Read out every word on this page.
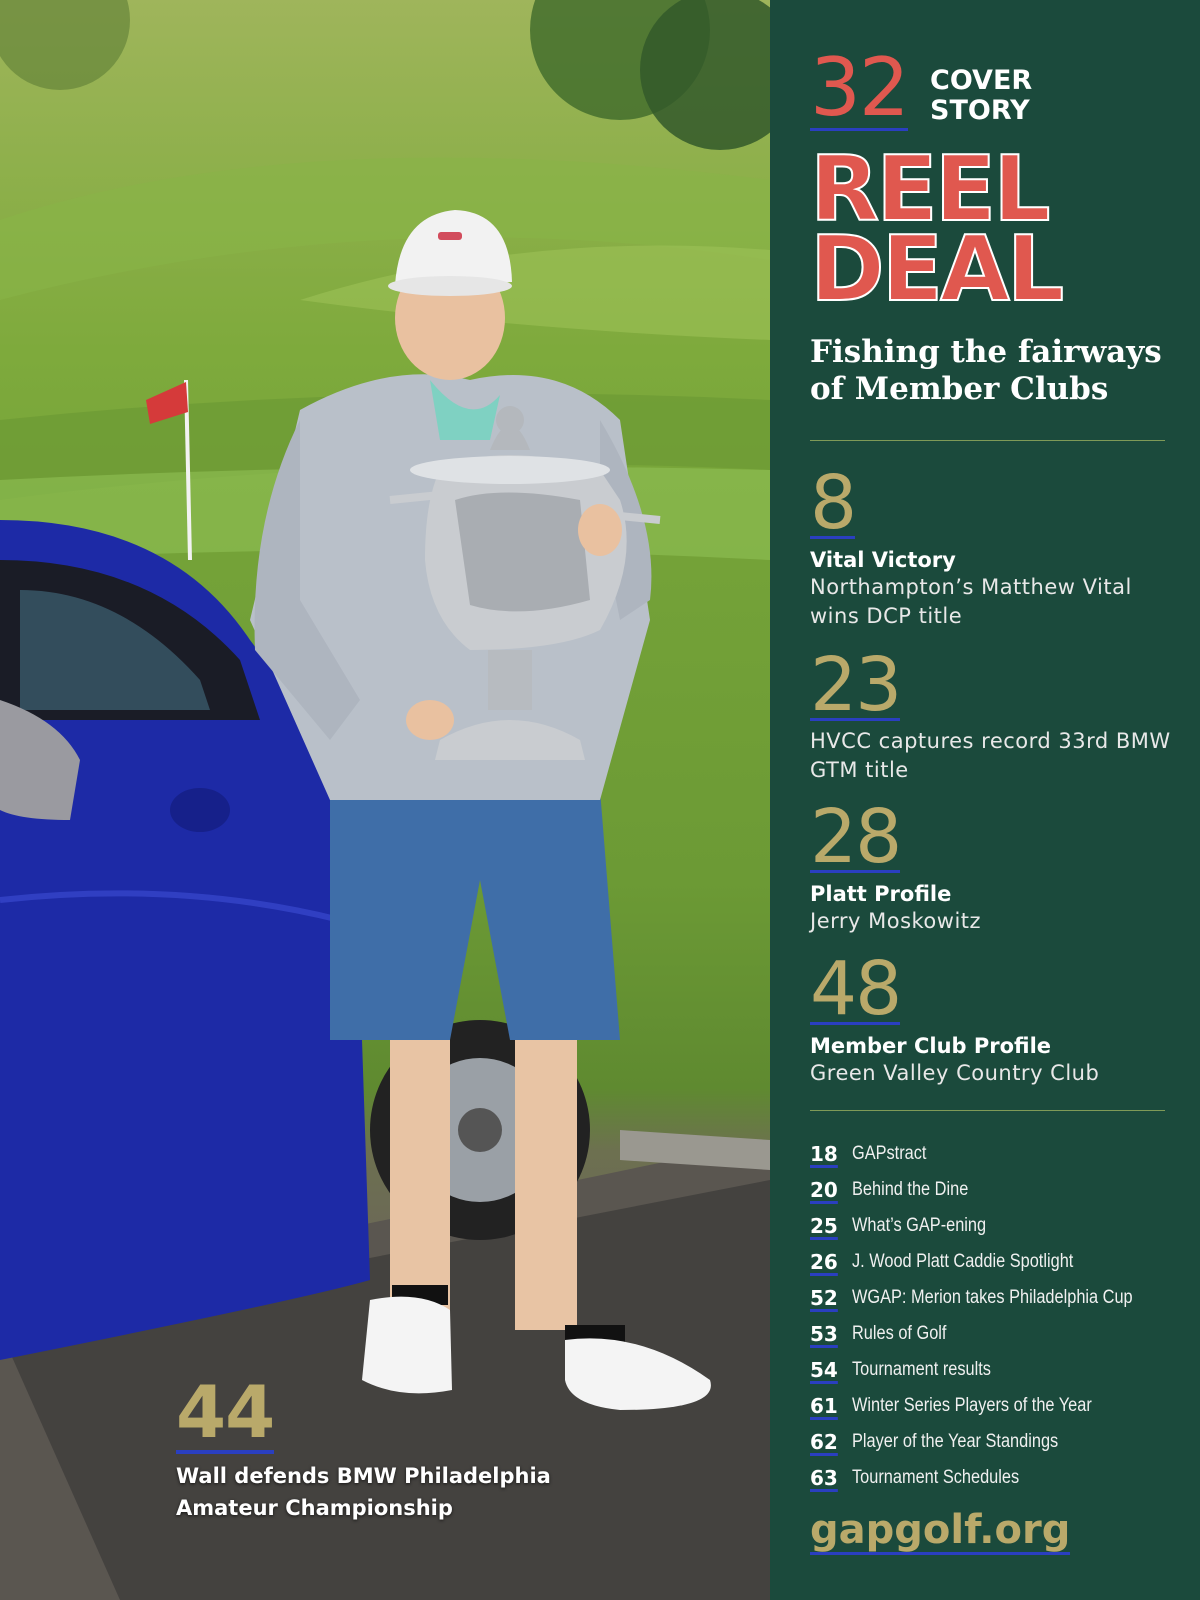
44
Wall defends BMW Philadelphia Amateur Championship
32 COVER
STORY
REEL
DEAL
Fishing the fairways of Member Clubs
8
Vital Victory
Northampton’s Matthew Vital wins DCP title
23
HVCC captures record 33rd BMW GTM title
28
Platt Profile
Jerry Moskowitz
48
Member Club Profile
Green Valley Country Club
18 GAPstract
20 Behind the Dine
25 What’s GAP-ening
26 J. Wood Platt Caddie Spotlight
52 WGAP: Merion takes Philadelphia Cup
53 Rules of Golf
54 Tournament results
61 Winter Series Players of the Year
62 Player of the Year Standings
63 Tournament Schedules
gapgolf.org
